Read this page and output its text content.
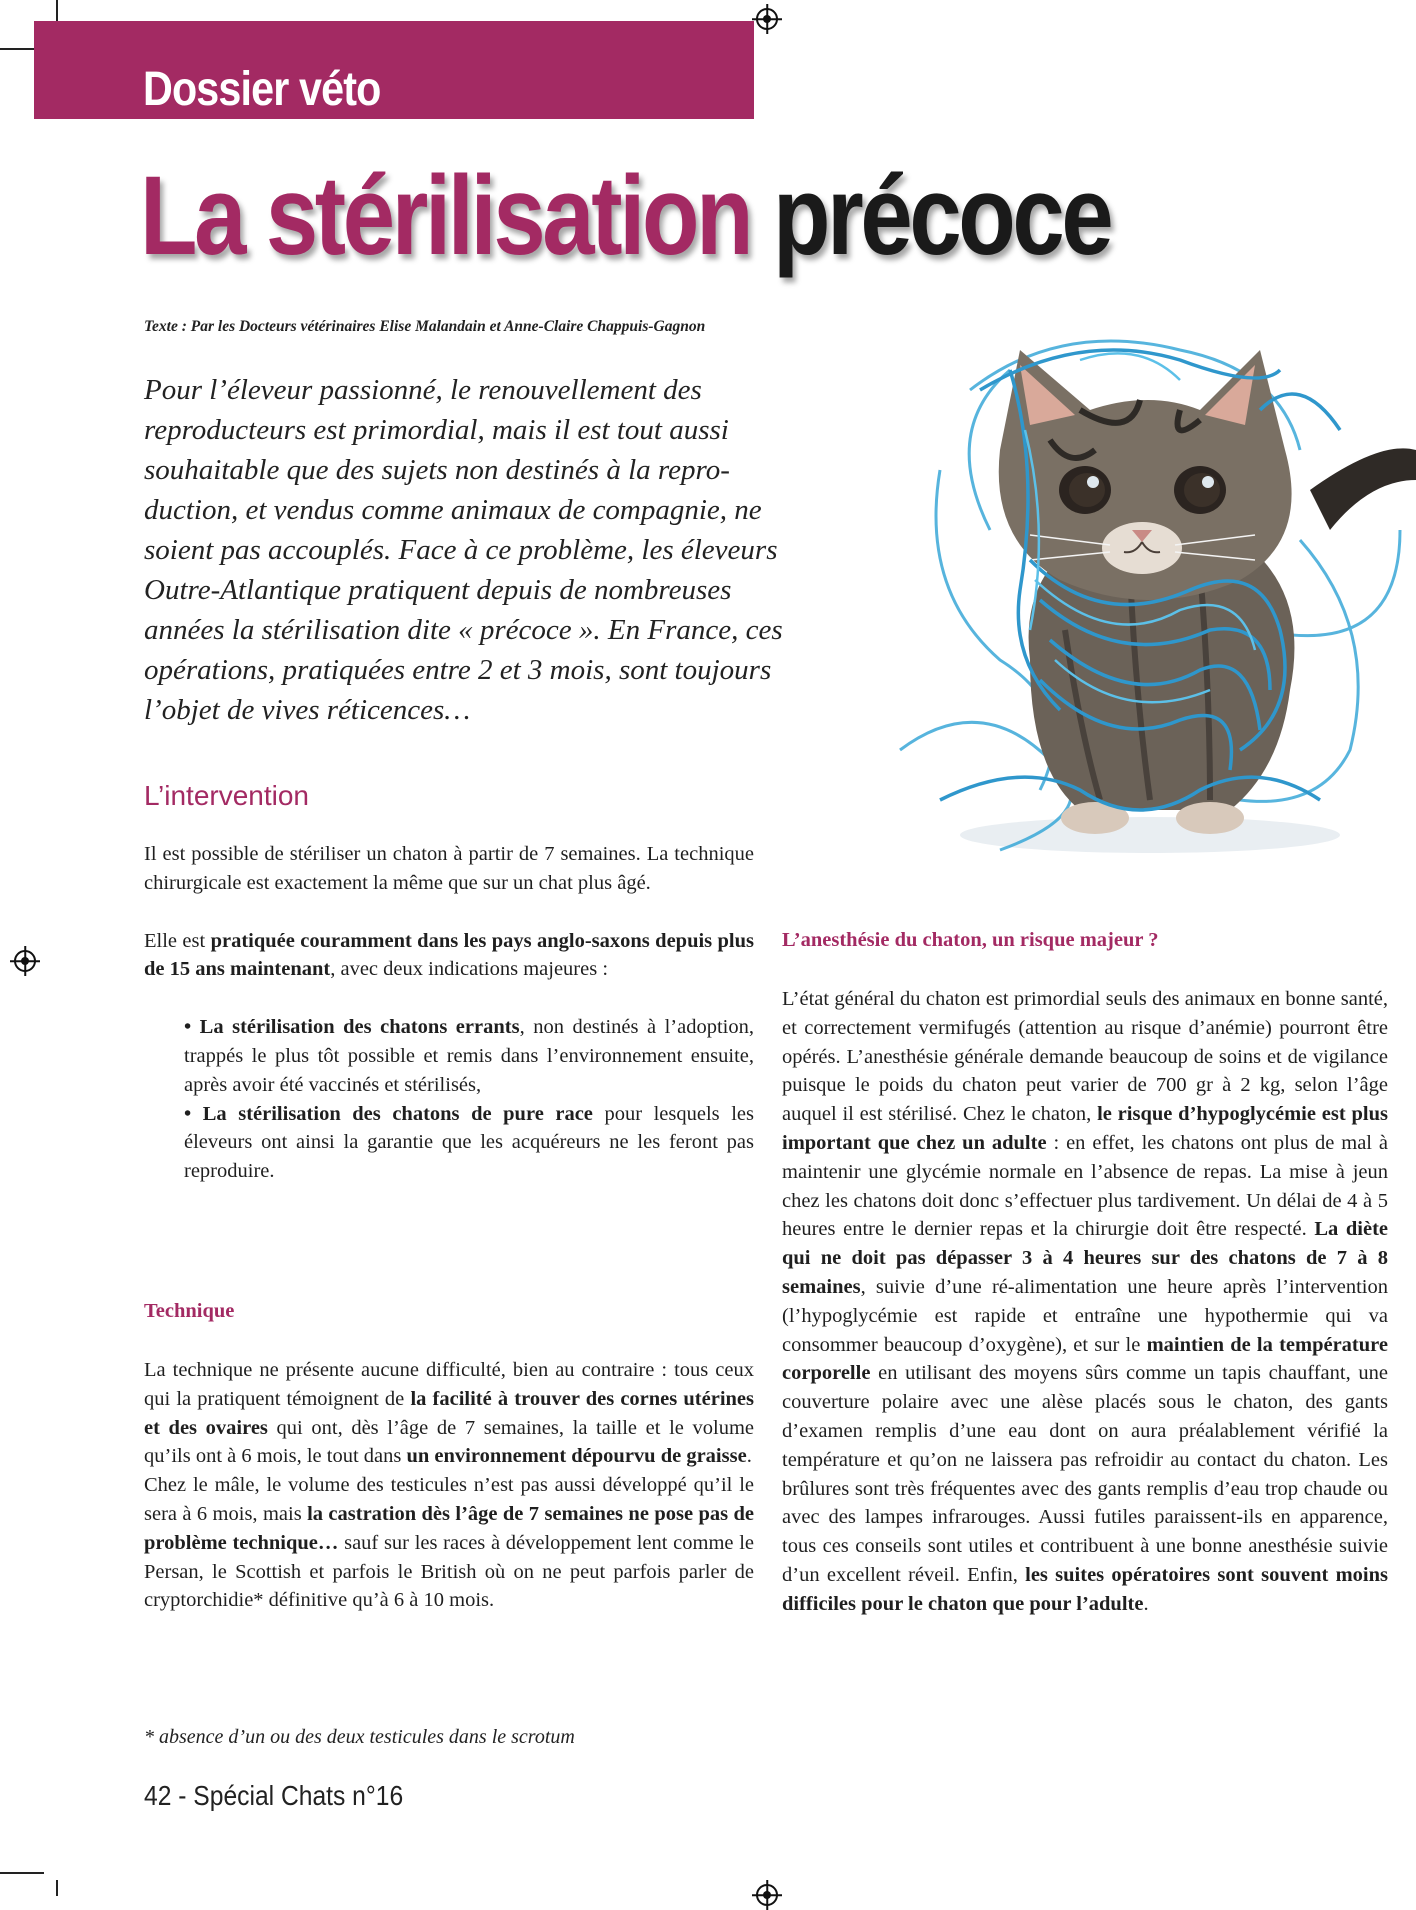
Dossier véto
La stérilisation précoce
Texte : Par les Docteurs vétérinaires Elise Malandain et Anne-Claire Chappuis-Gagnon
Pour l’éleveur passionné, le renouvellement des
reproducteurs est primordial, mais il est tout aussi
souhaitable que des sujets non destinés à la repro-
duction, et vendus comme animaux de compagnie, ne
soient pas accouplés. Face à ce problème, les éleveurs
Outre-Atlantique pratiquent depuis de nombreuses
années la stérilisation dite « précoce ». En France, ces
opérations, pratiquées entre 2 et 3 mois, sont toujours
l’objet de vives réticences…
L’intervention

Il est possible de stériliser un chaton à partir de 7 semaines. La technique chirurgicale est exactement la même que sur un chat plus âgé.

Elle est pratiquée couramment dans les pays anglo-saxons depuis plus de 15 ans maintenant, avec deux indications majeures :

• La stérilisation des chatons errants, non destinés à l’adoption, trappés le plus tôt possible et remis dans l’environnement ensuite, après avoir été vaccinés et stérilisés,

• La stérilisation des chatons de pure race pour lesquels les éleveurs ont ainsi la garantie que les acquéreurs ne les feront pas reproduire.

Technique

La technique ne présente aucune difficulté, bien au contraire : tous ceux qui la pratiquent témoignent de la facilité à trouver des cornes utérines et des ovaires qui ont, dès l’âge de 7 semaines, la taille et le volume qu’ils ont à 6 mois, le tout dans un environnement dépourvu de graisse.

Chez le mâle, le volume des testicules n’est pas aussi développé qu’il le sera à 6 mois, mais la castration dès l’âge de 7 semaines ne pose pas de problème technique… sauf sur les races à développement lent comme le Persan, le Scottish et parfois le British où on ne peut parfois parler de cryptorchidie* définitive qu’à 6 à 10 mois.

* absence d’un ou des deux testicules dans le scrotum
L’anesthésie du chaton, un risque majeur ?

L’état général du chaton est primordial seuls des animaux en bonne santé, et correctement vermifugés (attention au risque d’anémie) pourront être opérés. L’anesthésie générale demande beaucoup de soins et de vigilance puisque le poids du chaton peut varier de 700 gr à 2 kg, selon l’âge auquel il est stérilisé. Chez le chaton, le risque d’hypoglycémie est plus important que chez un adulte : en effet, les chatons ont plus de mal à maintenir une glycémie normale en l’absence de repas. La mise à jeun chez les chatons doit donc s’effectuer plus tardivement. Un délai de 4 à 5 heures entre le dernier repas et la chirurgie doit être respecté. La diète qui ne doit pas dépasser 3 à 4 heures sur des chatons de 7 à 8 semaines, suivie d’une ré-alimentation une heure après l’intervention (l’hypoglycémie est rapide et entraîne une hypothermie qui va consommer beaucoup d’oxygène), et sur le maintien de la température corporelle en utilisant des moyens sûrs comme un tapis chauffant, une couverture polaire avec une alèse placés sous le chaton, des gants d’examen remplis d’une eau dont on aura préalablement vérifié la température et qu’on ne laissera pas refroidir au contact du chaton. Les brûlures sont très fréquentes avec des gants remplis d’eau trop chaude ou avec des lampes infrarouges. Aussi futiles paraissent-ils en apparence, tous ces conseils sont utiles et contribuent à une bonne anesthésie suivie d’un excellent réveil. Enfin, les suites opératoires sont souvent moins difficiles pour le chaton que pour l’adulte.

42 - Spécial Chats n°16
